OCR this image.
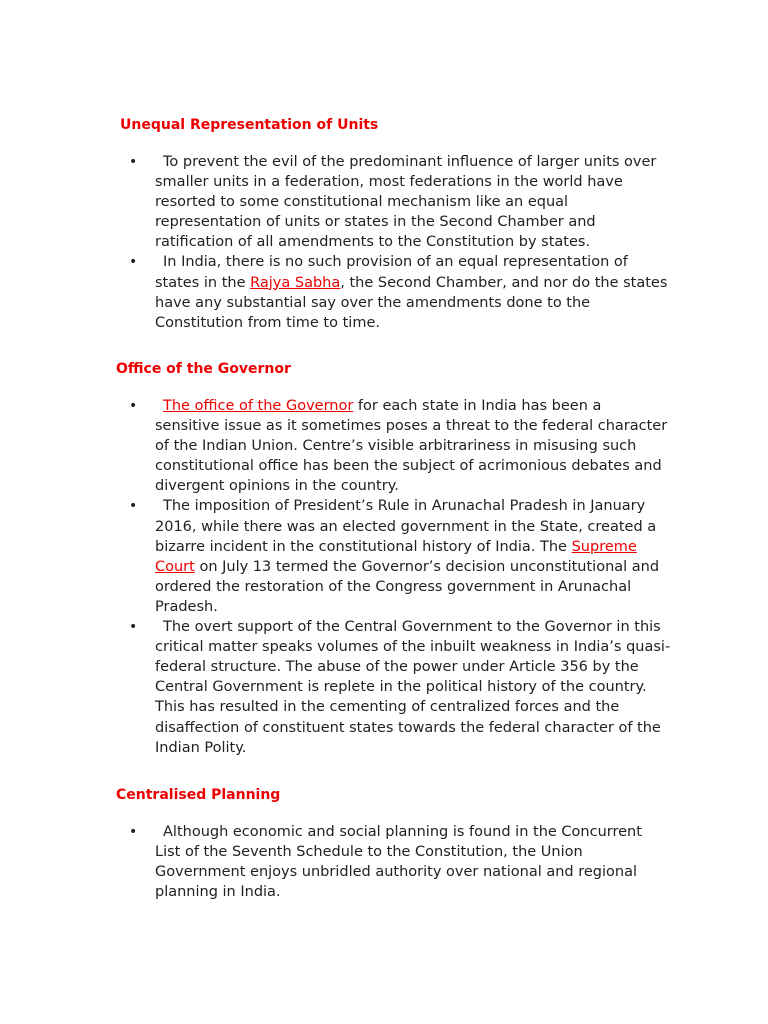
Unequal Representation of Units
•	To prevent the evil of the predominant influence of larger units over
smaller units in a federation, most federations in the world have
resorted to some constitutional mechanism like an equal
representation of units or states in the Second Chamber and
ratification of all amendments to the Constitution by states.
•	In India, there is no such provision of an equal representation of
states in the Rajya Sabha, the Second Chamber, and nor do the states
have any substantial say over the amendments done to the
Constitution from time to time.
Office of the Governor
•	The office of the Governor for each state in India has been a
sensitive issue as it sometimes poses a threat to the federal character
of the Indian Union. Centre’s visible arbitrariness in misusing such
constitutional office has been the subject of acrimonious debates and
divergent opinions in the country.
•	The imposition of President’s Rule in Arunachal Pradesh in January
2016, while there was an elected government in the State, created a
bizarre incident in the constitutional history of India. The Supreme
Court on July 13 termed the Governor’s decision unconstitutional and
ordered the restoration of the Congress government in Arunachal
Pradesh.
•	The overt support of the Central Government to the Governor in this
critical matter speaks volumes of the inbuilt weakness in India’s quasi-
federal structure. The abuse of the power under Article 356 by the
Central Government is replete in the political history of the country.
This has resulted in the cementing of centralized forces and the
disaffection of constituent states towards the federal character of the
Indian Polity.
Centralised Planning
•	Although economic and social planning is found in the Concurrent
List of the Seventh Schedule to the Constitution, the Union
Government enjoys unbridled authority over national and regional
planning in India.
